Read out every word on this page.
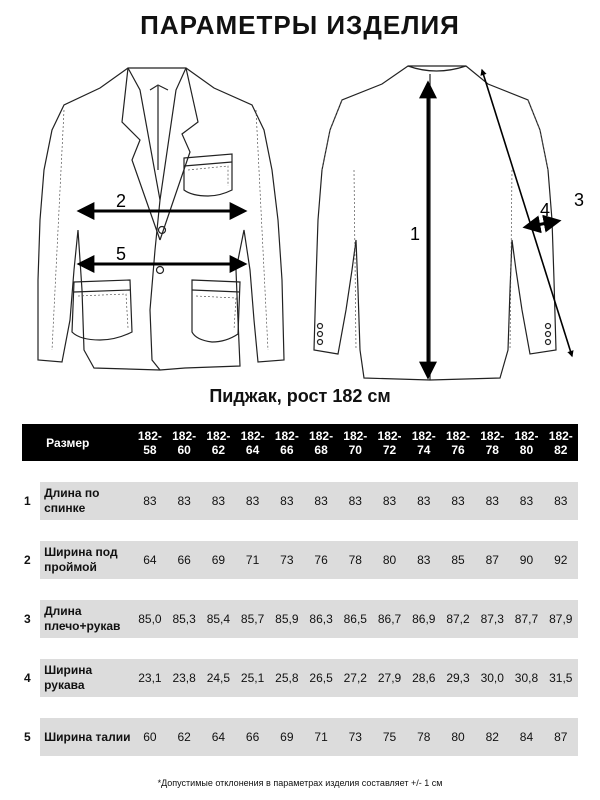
ПАРАМЕТРЫ ИЗДЕЛИЯ
2
5
1
3
4
Пиджак, рост 182 см
	Размер	182-58	182-60	182-62	182-64	182-66	182-68	182-70	182-72	182-74	182-76	182-78	182-80	182-82

1	Длина по спинке	83	83	83	83	83	83	83	83	83	83	83	83	83

2	Ширина под проймой	64	66	69	71	73	76	78	80	83	85	87	90	92

3	Длина плечо+рукав	85,0	85,3	85,4	85,7	85,9	86,3	86,5	86,7	86,9	87,2	87,3	87,7	87,9

4	Ширина рукава	23,1	23,8	24,5	25,1	25,8	26,5	27,2	27,9	28,6	29,3	30,0	30,8	31,5

5	Ширина талии	60	62	64	66	69	71	73	75	78	80	82	84	87
*Допустимые отклонения в параметрах изделия составляет +/- 1 см
